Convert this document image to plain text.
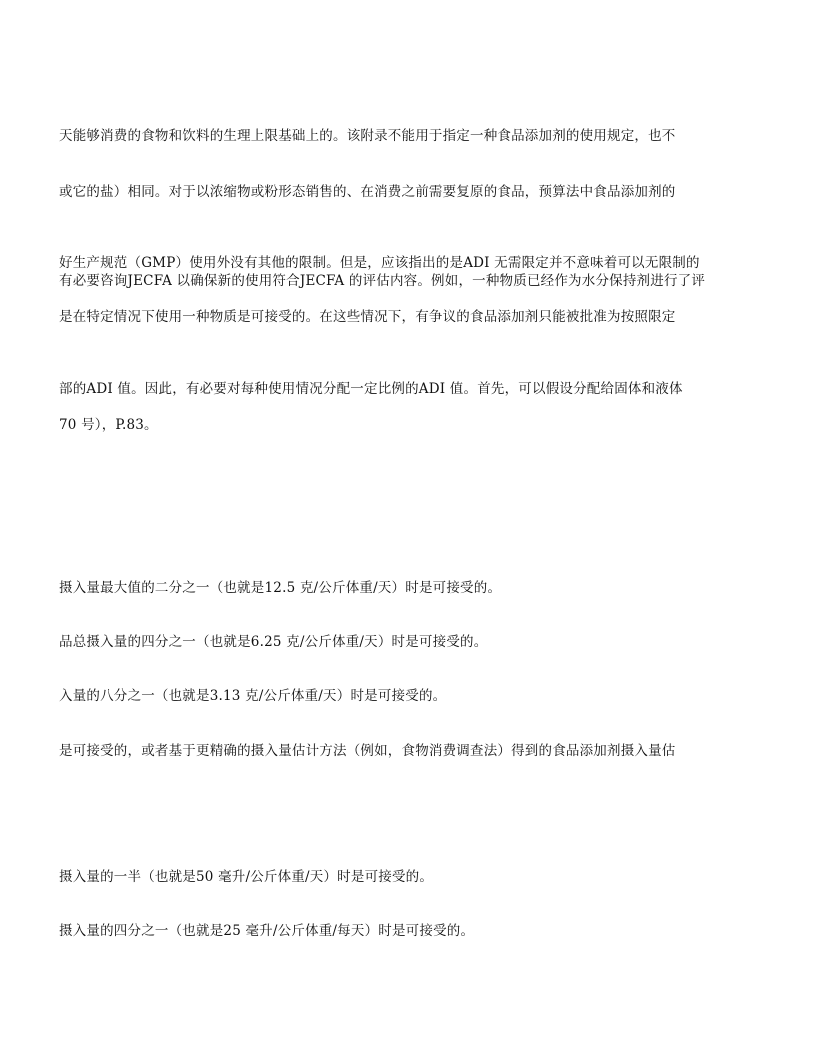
天能够消费的食物和饮料的生理上限基础上的。该附录不能用于指定一种食品添加剂的使用规定，也不
或它的盐）相同。对于以浓缩物或粉形态销售的、在消费之前需要复原的食品，预算法中食品添加剂的
好生产规范（GMP）使用外没有其他的限制。但是，应该指出的是ADI 无需限定并不意味着可以无限制的
有必要咨询JECFA 以确保新的使用符合JECFA 的评估内容。例如，一种物质已经作为水分保持剂进行了评
是在特定情况下使用一种物质是可接受的。在这些情况下，有争议的食品添加剂只能被批准为按照限定
部的ADI 值。因此，有必要对每种使用情况分配一定比例的ADI 值。首先，可以假设分配给固体和液体
70 号），P.83。
摄入量最大值的二分之一（也就是12.5 克/公斤体重/天）时是可接受的。
品总摄入量的四分之一（也就是6.25 克/公斤体重/天）时是可接受的。
入量的八分之一（也就是3.13 克/公斤体重/天）时是可接受的。
是可接受的，或者基于更精确的摄入量估计方法（例如，食物消费调查法）得到的食品添加剂摄入量估
摄入量的一半（也就是50 毫升/公斤体重/天）时是可接受的。
摄入量的四分之一（也就是25 毫升/公斤体重/每天）时是可接受的。
